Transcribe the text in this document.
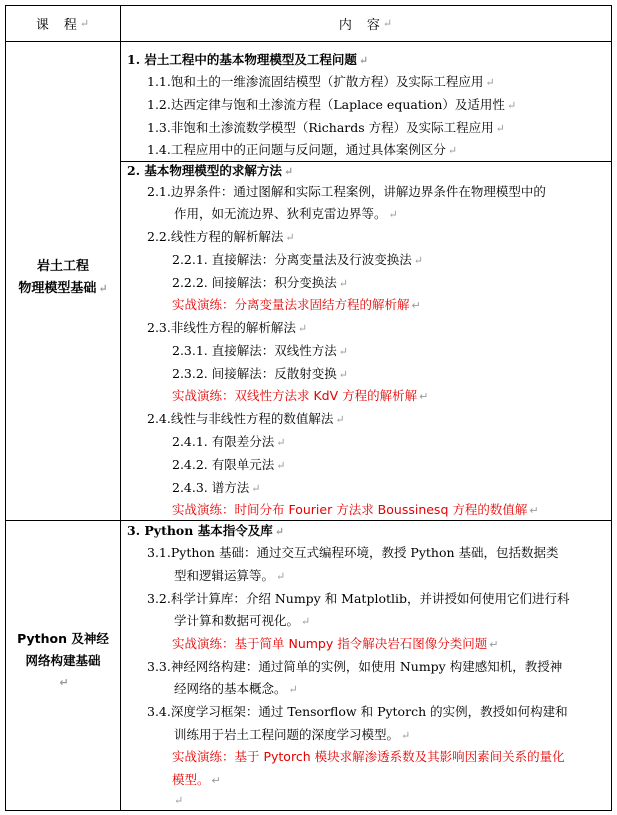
课　程 ↵	内　容 ↵
岩土工程
物理模型基础 ↵
Python 及神经
网络构建基础
↵
1. 岩土工程中的基本物理模型及工程问题 ↵
1.1.饱和土的一维渗流固结模型（扩散方程）及实际工程应用 ↵
1.2.达西定律与饱和土渗流方程（Laplace equation）及适用性 ↵
1.3.非饱和土渗流数学模型（Richards 方程）及实际工程应用 ↵
1.4.工程应用中的正问题与反问题，通过具体案例区分 ↵
2. 基本物理模型的求解方法 ↵
2.1.边界条件：通过图解和实际工程案例，讲解边界条件在物理模型中的
作用，如无流边界、狄利克雷边界等。 ↵
2.2.线性方程的解析解法 ↵
2.2.1. 直接解法：分离变量法及行波变换法 ↵
2.2.2. 间接解法：积分变换法 ↵
实战演练：分离变量法求固结方程的解析解 ↵
2.3.非线性方程的解析解法 ↵
2.3.1. 直接解法：双线性方法 ↵
2.3.2. 间接解法：反散射变换 ↵
实战演练：双线性方法求 KdV 方程的解析解 ↵
2.4.线性与非线性方程的数值解法 ↵
2.4.1. 有限差分法 ↵
2.4.2. 有限单元法 ↵
2.4.3. 谱方法 ↵
实战演练：时间分布 Fourier 方法求 Boussinesq 方程的数值解 ↵
3. Python 基本指令及库 ↵
3.1.Python 基础：通过交互式编程环境，教授 Python 基础，包括数据类
型和逻辑运算等。 ↵
3.2.科学计算库：介绍 Numpy 和 Matplotlib，并讲授如何使用它们进行科
学计算和数据可视化。 ↵
实战演练：基于简单 Numpy 指令解决岩石图像分类问题 ↵
3.3.神经网络构建：通过简单的实例，如使用 Numpy 构建感知机，教授神
经网络的基本概念。 ↵
3.4.深度学习框架：通过 Tensorflow 和 Pytorch 的实例，教授如何构建和
训练用于岩土工程问题的深度学习模型。 ↵
实战演练：基于 Pytorch 模块求解渗透系数及其影响因素间关系的量化
模型。 ↵
↵
